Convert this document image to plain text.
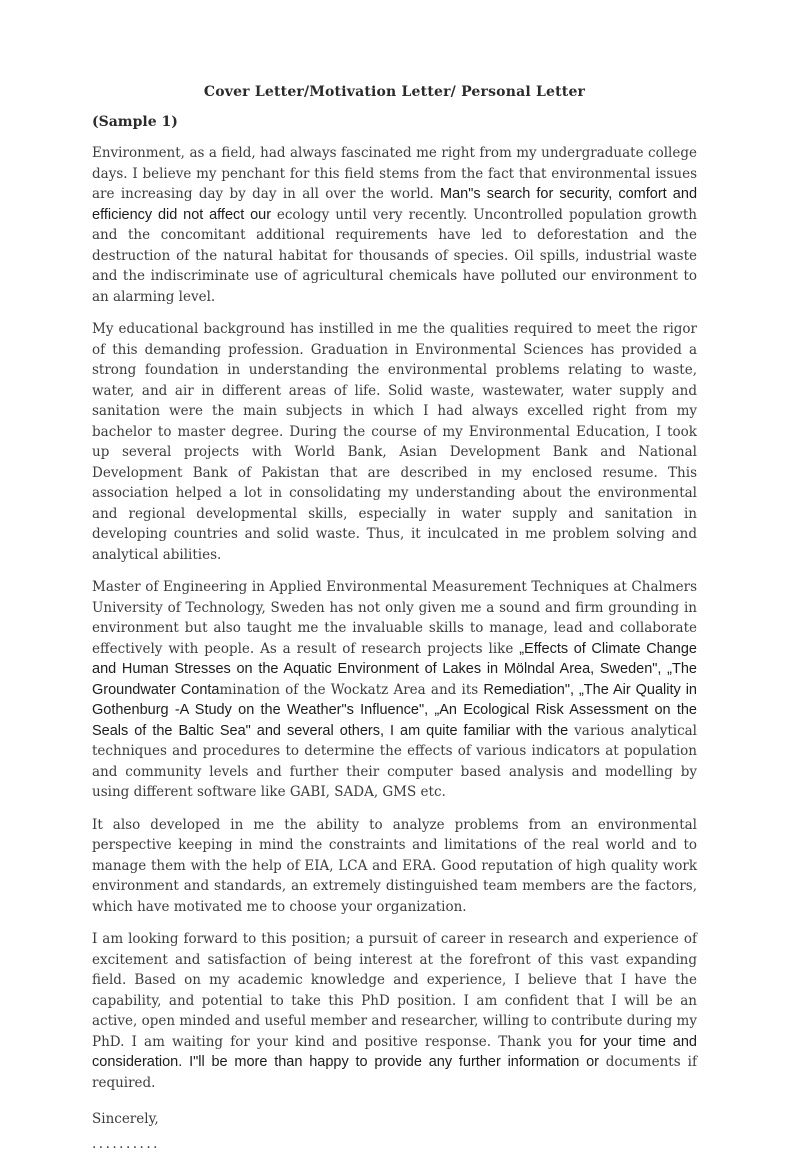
Cover Letter/Motivation Letter/ Personal Letter
(Sample 1)

Environment, as a field, had always fascinated me right from my undergraduate college days. I believe my penchant for this field stems from the fact that environmental issues are increasing day by day in all over the world. Man"s search for security, comfort and efficiency did not affect our ecology until very recently. Uncontrolled population growth and the concomitant additional requirements have led to deforestation and the destruction of the natural habitat for thousands of species. Oil spills, industrial waste and the indiscriminate use of agricultural chemicals have polluted our environment to an alarming level.

My educational background has instilled in me the qualities required to meet the rigor of this demanding profession. Graduation in Environmental Sciences has provided a strong foundation in understanding the environmental problems relating to waste, water, and air in different areas of life. Solid waste, wastewater, water supply and sanitation were the main subjects in which I had always excelled right from my bachelor to master degree. During the course of my Environmental Education, I took up several projects with World Bank, Asian Development Bank and National Development Bank of Pakistan that are described in my enclosed resume. This association helped a lot in consolidating my understanding about the environmental and regional developmental skills, especially in water supply and sanitation in developing countries and solid waste. Thus, it inculcated in me problem solving and analytical abilities.

Master of Engineering in Applied Environmental Measurement Techniques at Chalmers University of Technology, Sweden has not only given me a sound and firm grounding in environment but also taught me the invaluable skills to manage, lead and collaborate effectively with people. As a result of research projects like „Effects of Climate Change and Human Stresses on the Aquatic Environment of Lakes in Mölndal Area, Sweden", „The Groundwater Contamination of the Wockatz Area and its Remediation", „The Air Quality in Gothenburg -A Study on the Weather"s Influence", „An Ecological Risk Assessment on the Seals of the Baltic Sea" and several others, I am quite familiar with the various analytical techniques and procedures to determine the effects of various indicators at population and community levels and further their computer based analysis and modelling by using different software like GABI, SADA, GMS etc.

It also developed in me the ability to analyze problems from an environmental perspective keeping in mind the constraints and limitations of the real world and to manage them with the help of EIA, LCA and ERA. Good reputation of high quality work environment and standards, an extremely distinguished team members are the factors, which have motivated me to choose your organization.

I am looking forward to this position; a pursuit of career in research and experience of excitement and satisfaction of being interest at the forefront of this vast expanding field. Based on my academic knowledge and experience, I believe that I have the capability, and potential to take this PhD position. I am confident that I will be an active, open minded and useful member and researcher, willing to contribute during my PhD. I am waiting for your kind and positive response. Thank you for your time and consideration. I"ll be more than happy to provide any further information or documents if required.

Sincerely,
..........
